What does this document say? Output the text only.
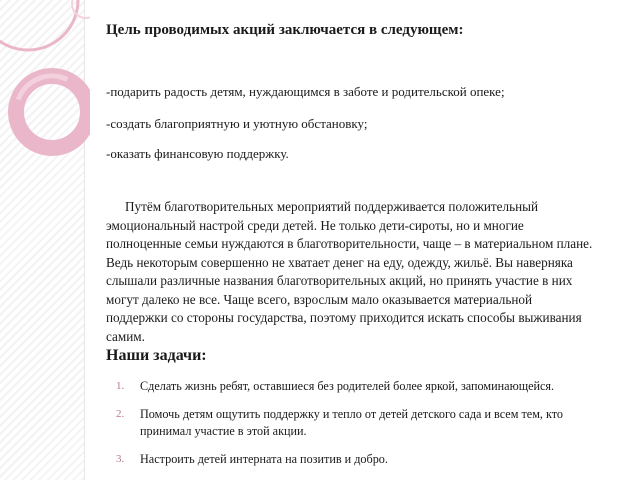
Цель проводимых акций заключается в следующем:

-подарить радость детям, нуждающимся в заботе и родительской опеке;

-создать благоприятную и уютную обстановку;

-оказать финансовую поддержку.

Путём благотворительных мероприятий поддерживается положительный эмоциональный настрой среди детей. Не только дети-сироты, но и многие полноценные семьи нуждаются в благотворительности, чаще – в материальном плане. Ведь некоторым совершенно не хватает денег на еду, одежду, жильё. Вы наверняка слышали различные названия благотворительных акций, но принять участие в них могут далеко не все. Чаще всего, взрослым мало оказывается материальной поддержки со стороны государства, поэтому приходится искать способы выживания самим.

Наши задачи:

1. Сделать жизнь ребят, оставшиеся без родителей более яркой, запоминающейся.
2. Помочь детям ощутить поддержку и тепло от детей детского сада и всем тем, кто принимал участие в этой акции.
3. Настроить детей интерната на позитив и добро.
